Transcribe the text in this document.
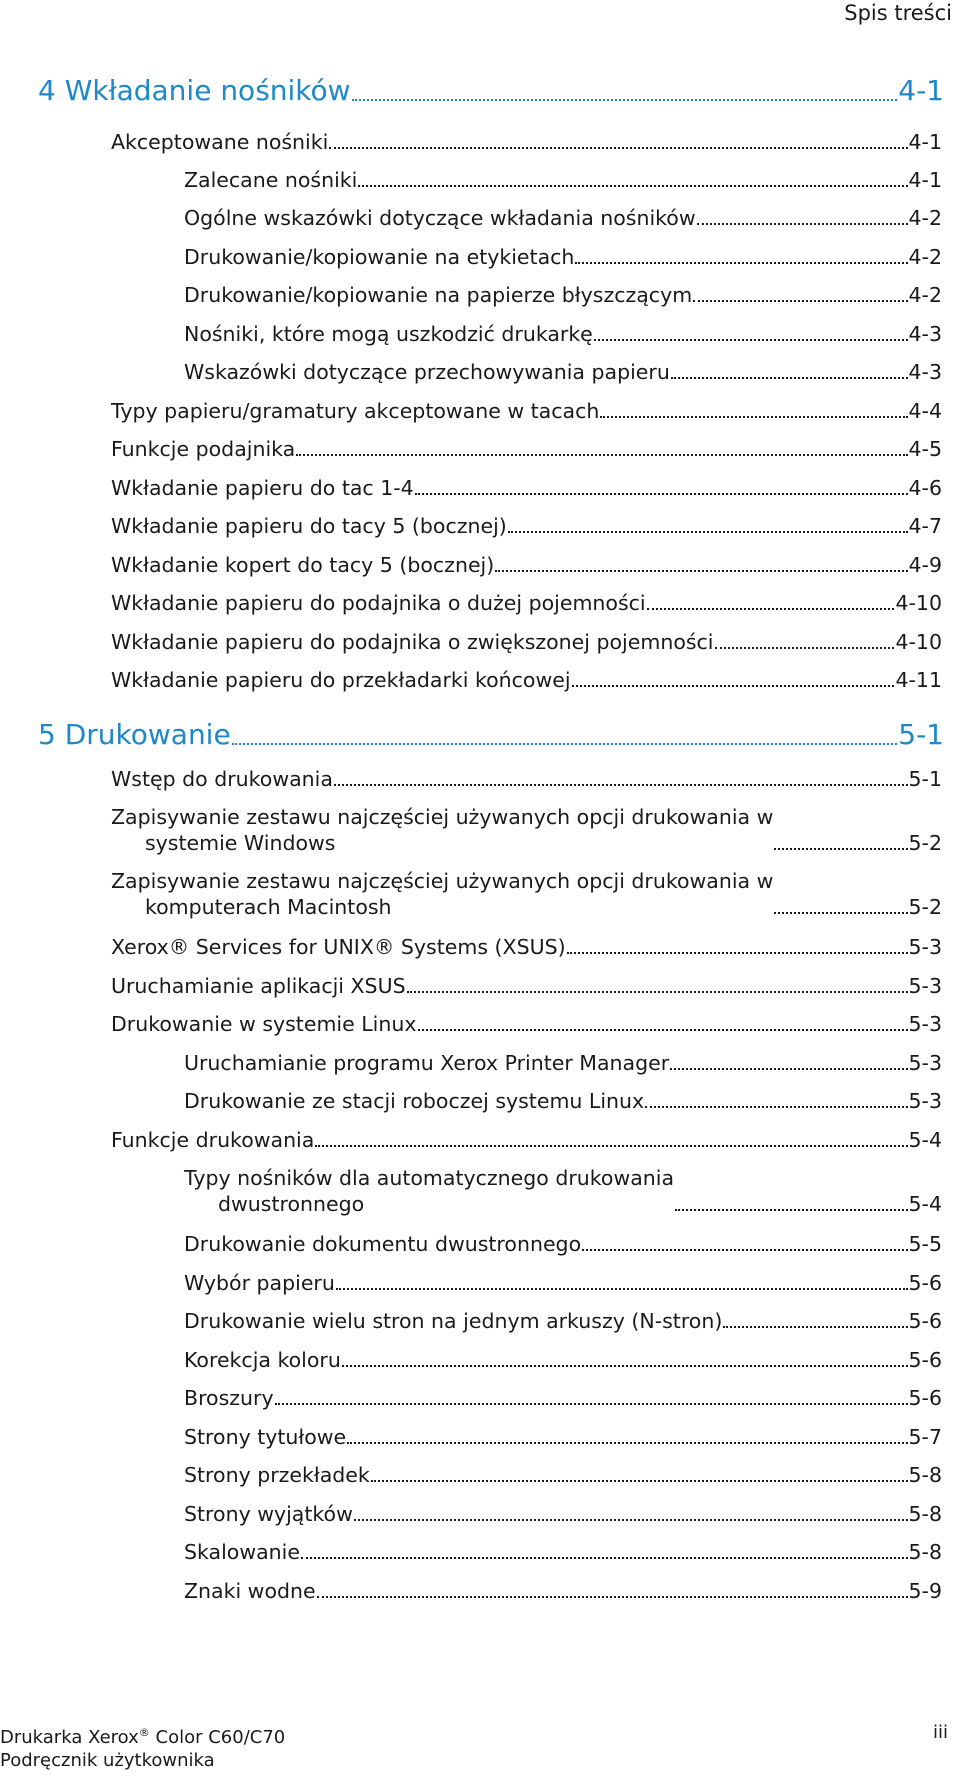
Spis treści
4 Wkładanie nośników	4-1
Akceptowane nośniki	4-1
Zalecane nośniki	4-1
Ogólne wskazówki dotyczące wkładania nośników	4-2
Drukowanie/kopiowanie na etykietach	4-2
Drukowanie/kopiowanie na papierze błyszczącym	4-2
Nośniki, które mogą uszkodzić drukarkę	4-3
Wskazówki dotyczące przechowywania papieru	4-3
Typy papieru/gramatury akceptowane w tacach	4-4
Funkcje podajnika	4-5
Wkładanie papieru do tac 1-4	4-6
Wkładanie papieru do tacy 5 (bocznej)	4-7
Wkładanie kopert do tacy 5 (bocznej)	4-9
Wkładanie papieru do podajnika o dużej pojemności	4-10
Wkładanie papieru do podajnika o zwiększonej pojemności	4-10
Wkładanie papieru do przekładarki końcowej	4-11
5 Drukowanie	5-1
Wstęp do drukowania	5-1
Zapisywanie zestawu najczęściej używanych opcji drukowania w
systemie Windows	5-2
Zapisywanie zestawu najczęściej używanych opcji drukowania w
komputerach Macintosh	5-2
Xerox® Services for UNIX® Systems (XSUS)	5-3
Uruchamianie aplikacji XSUS	5-3
Drukowanie w systemie Linux	5-3
Uruchamianie programu Xerox Printer Manager	5-3
Drukowanie ze stacji roboczej systemu Linux	5-3
Funkcje drukowania	5-4
Typy nośników dla automatycznego drukowania
dwustronnego	5-4
Drukowanie dokumentu dwustronnego	5-5
Wybór papieru	5-6
Drukowanie wielu stron na jednym arkuszy (N-stron)	5-6
Korekcja koloru	5-6
Broszury	5-6
Strony tytułowe	5-7
Strony przekładek	5-8
Strony wyjątków	5-8
Skalowanie	5-8
Znaki wodne	5-9
Drukarka Xerox® Color C60/C70
Podręcznik użytkownika
iii
